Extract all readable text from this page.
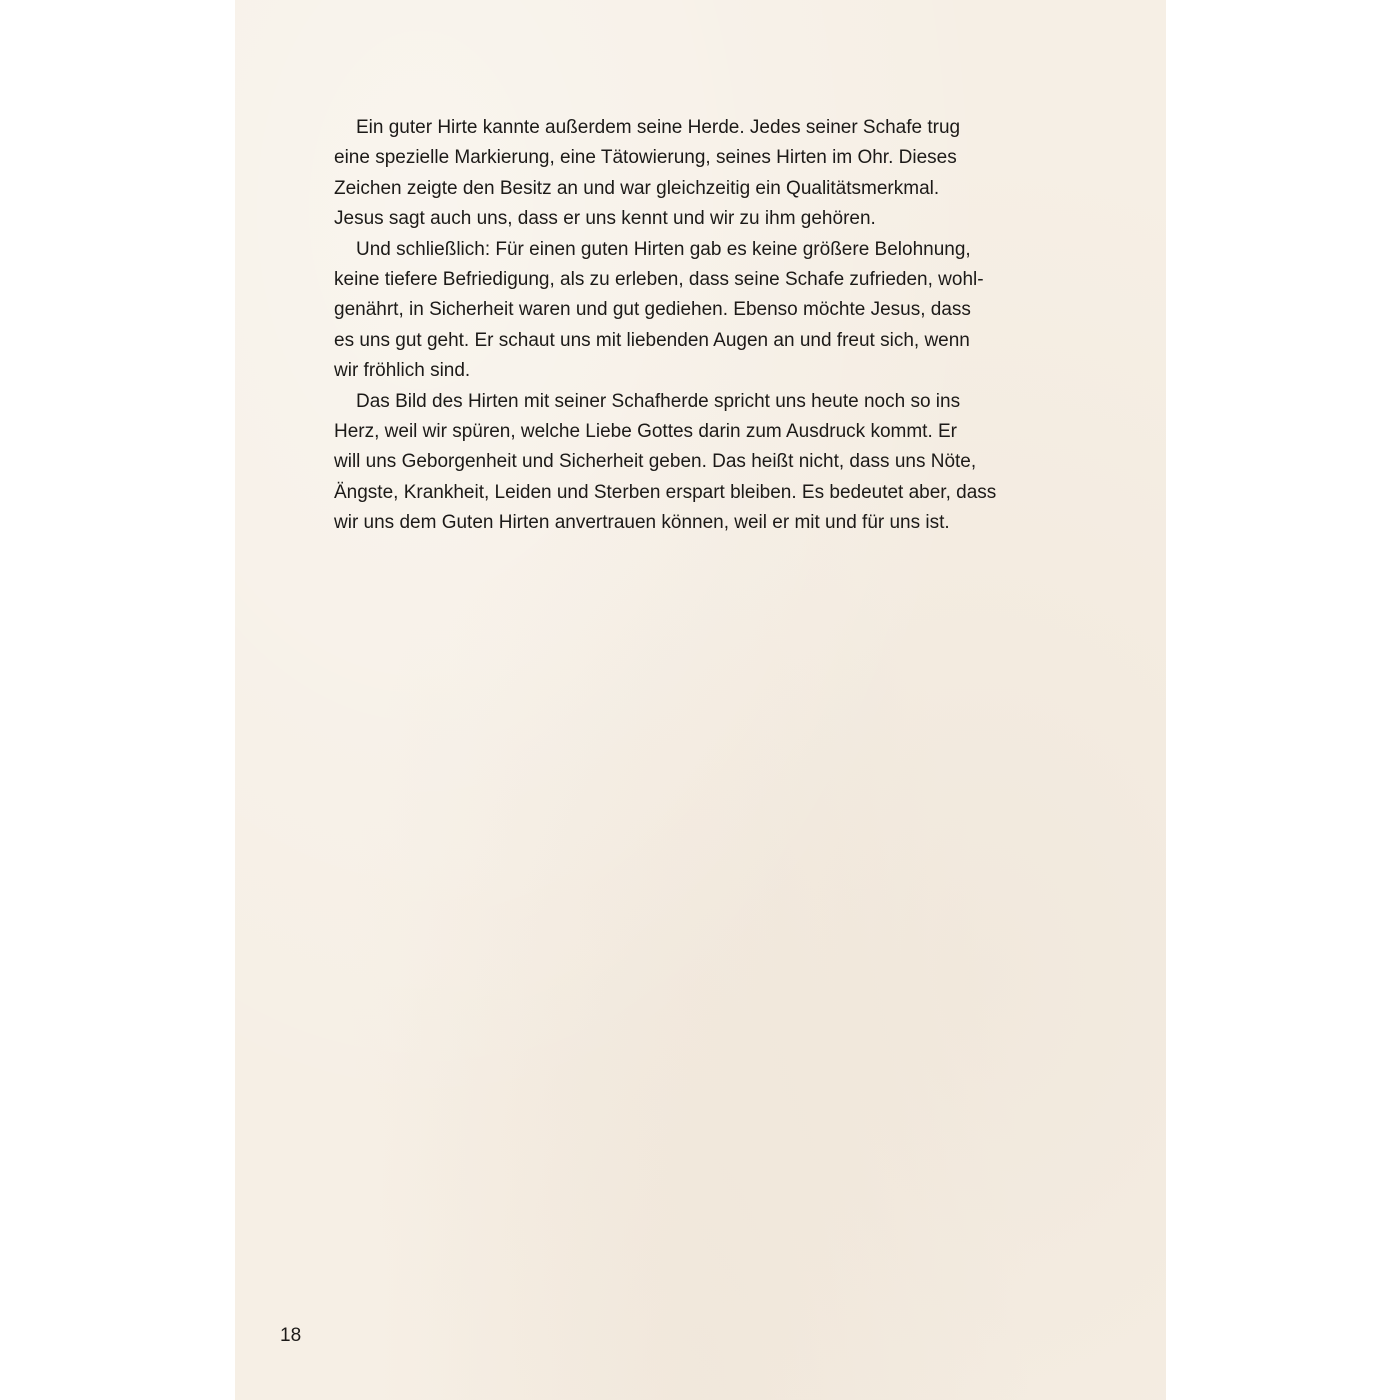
Ein guter Hirte kannte außerdem seine Herde. Jedes seiner Schafe trug
eine spezielle Markierung, eine Tätowierung, seines Hirten im Ohr. Dieses
Zeichen zeigte den Besitz an und war gleichzeitig ein Qualitätsmerkmal.
Jesus sagt auch uns, dass er uns kennt und wir zu ihm gehören.

Und schließlich: Für einen guten Hirten gab es keine größere Belohnung,
keine tiefere Befriedigung, als zu erleben, dass seine Schafe zufrieden, wohl-
genährt, in Sicherheit waren und gut gediehen. Ebenso möchte Jesus, dass
es uns gut geht. Er schaut uns mit liebenden Augen an und freut sich, wenn
wir fröhlich sind.

Das Bild des Hirten mit seiner Schafherde spricht uns heute noch so ins
Herz, weil wir spüren, welche Liebe Gottes darin zum Ausdruck kommt. Er
will uns Geborgenheit und Sicherheit geben. Das heißt nicht, dass uns Nöte,
Ängste, Krankheit, Leiden und Sterben erspart bleiben. Es bedeutet aber, dass
wir uns dem Guten Hirten anvertrauen können, weil er mit und für uns ist.

18
